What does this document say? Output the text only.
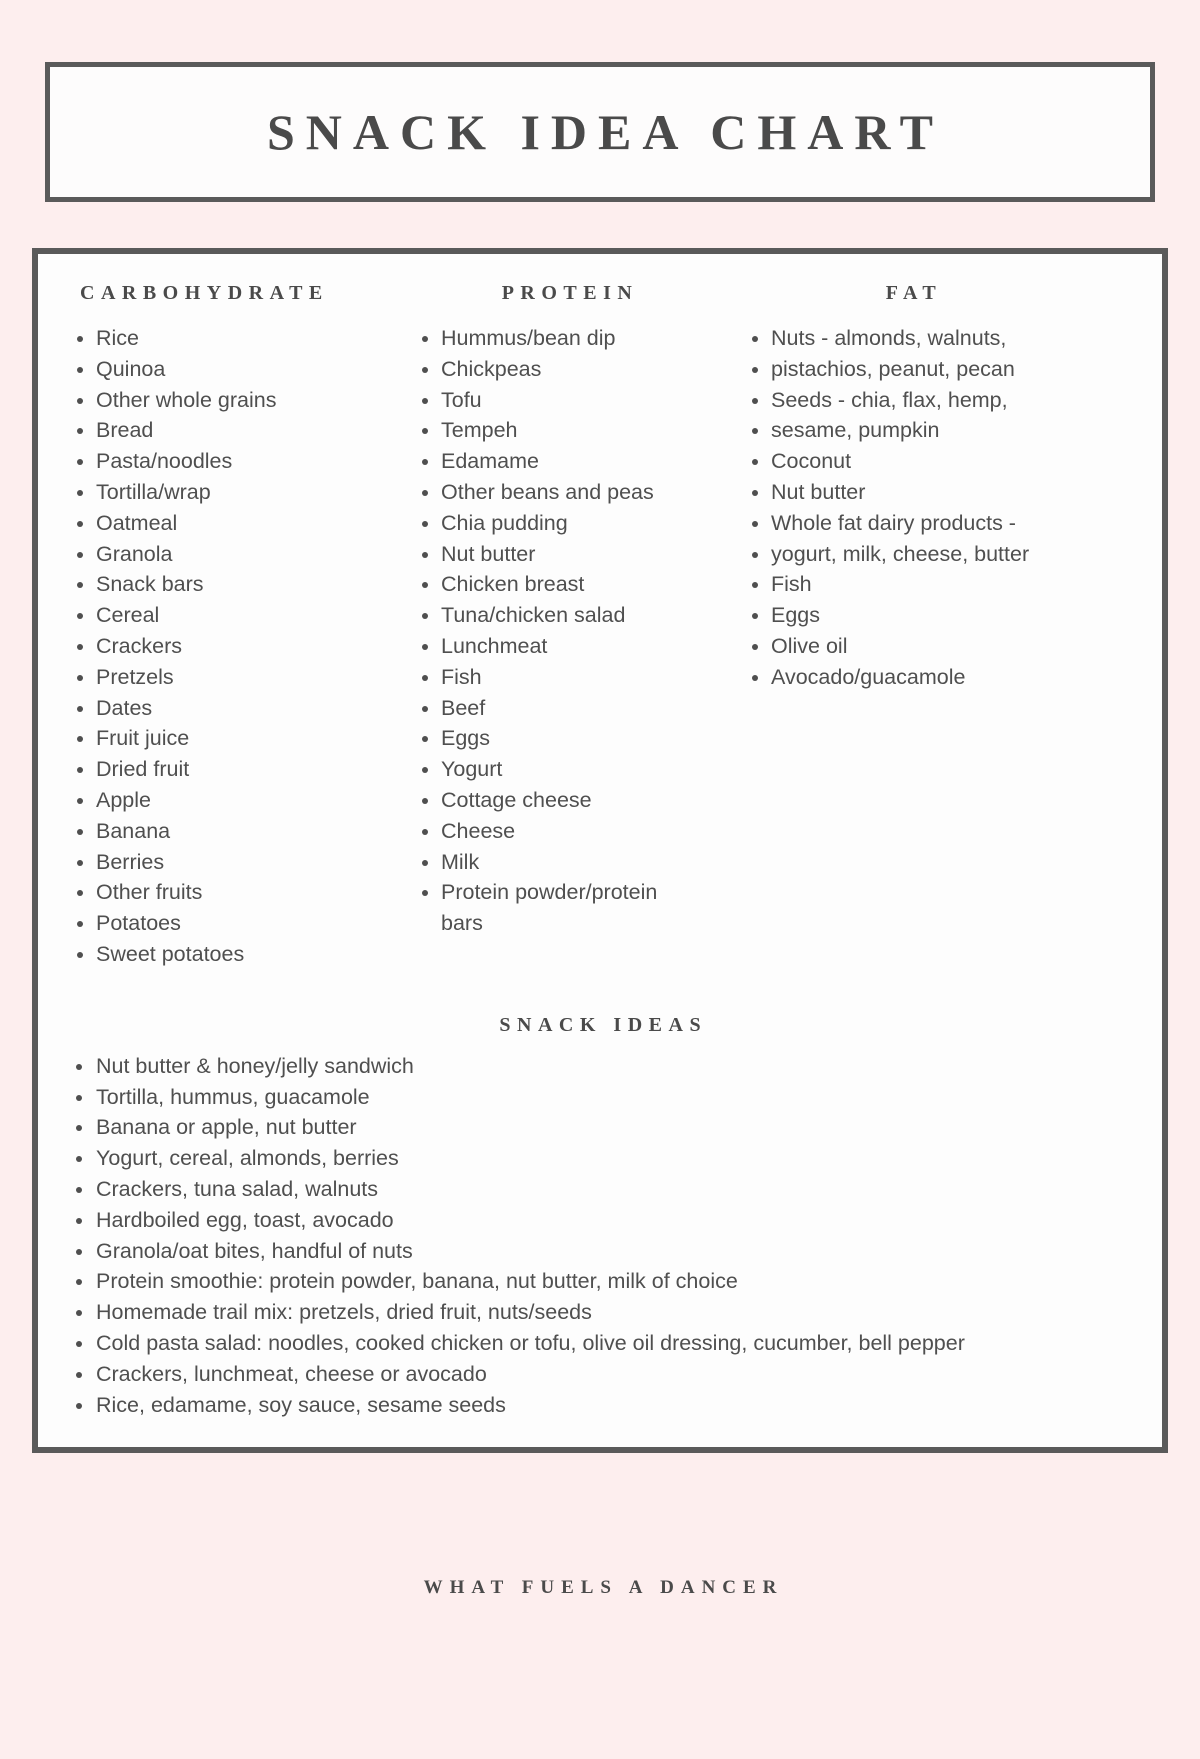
SNACK IDEA CHART
CARBOHYDRATE
Rice
Quinoa
Other whole grains
Bread
Pasta/noodles
Tortilla/wrap
Oatmeal
Granola
Snack bars
Cereal
Crackers
Pretzels
Dates
Fruit juice
Dried fruit
Apple
Banana
Berries
Other fruits
Potatoes
Sweet potatoes
PROTEIN
Hummus/bean dip
Chickpeas
Tofu
Tempeh
Edamame
Other beans and peas
Chia pudding
Nut butter
Chicken breast
Tuna/chicken salad
Lunchmeat
Fish
Beef
Eggs
Yogurt
Cottage cheese
Cheese
Milk
Protein powder/protein
bars
FAT
Nuts - almonds, walnuts,
pistachios, peanut, pecan
Seeds - chia, flax, hemp,
sesame, pumpkin
Coconut
Nut butter
Whole fat dairy products -
yogurt, milk, cheese, butter
Fish
Eggs
Olive oil
Avocado/guacamole
SNACK IDEAS
Nut butter & honey/jelly sandwich
Tortilla, hummus, guacamole
Banana or apple, nut butter
Yogurt, cereal, almonds, berries
Crackers, tuna salad, walnuts
Hardboiled egg, toast, avocado
Granola/oat bites, handful of nuts
Protein smoothie: protein powder, banana, nut butter, milk of choice
Homemade trail mix: pretzels, dried fruit, nuts/seeds
Cold pasta salad: noodles, cooked chicken or tofu, olive oil dressing, cucumber, bell pepper
Crackers, lunchmeat, cheese or avocado
Rice, edamame, soy sauce, sesame seeds
WHAT FUELS A DANCER
